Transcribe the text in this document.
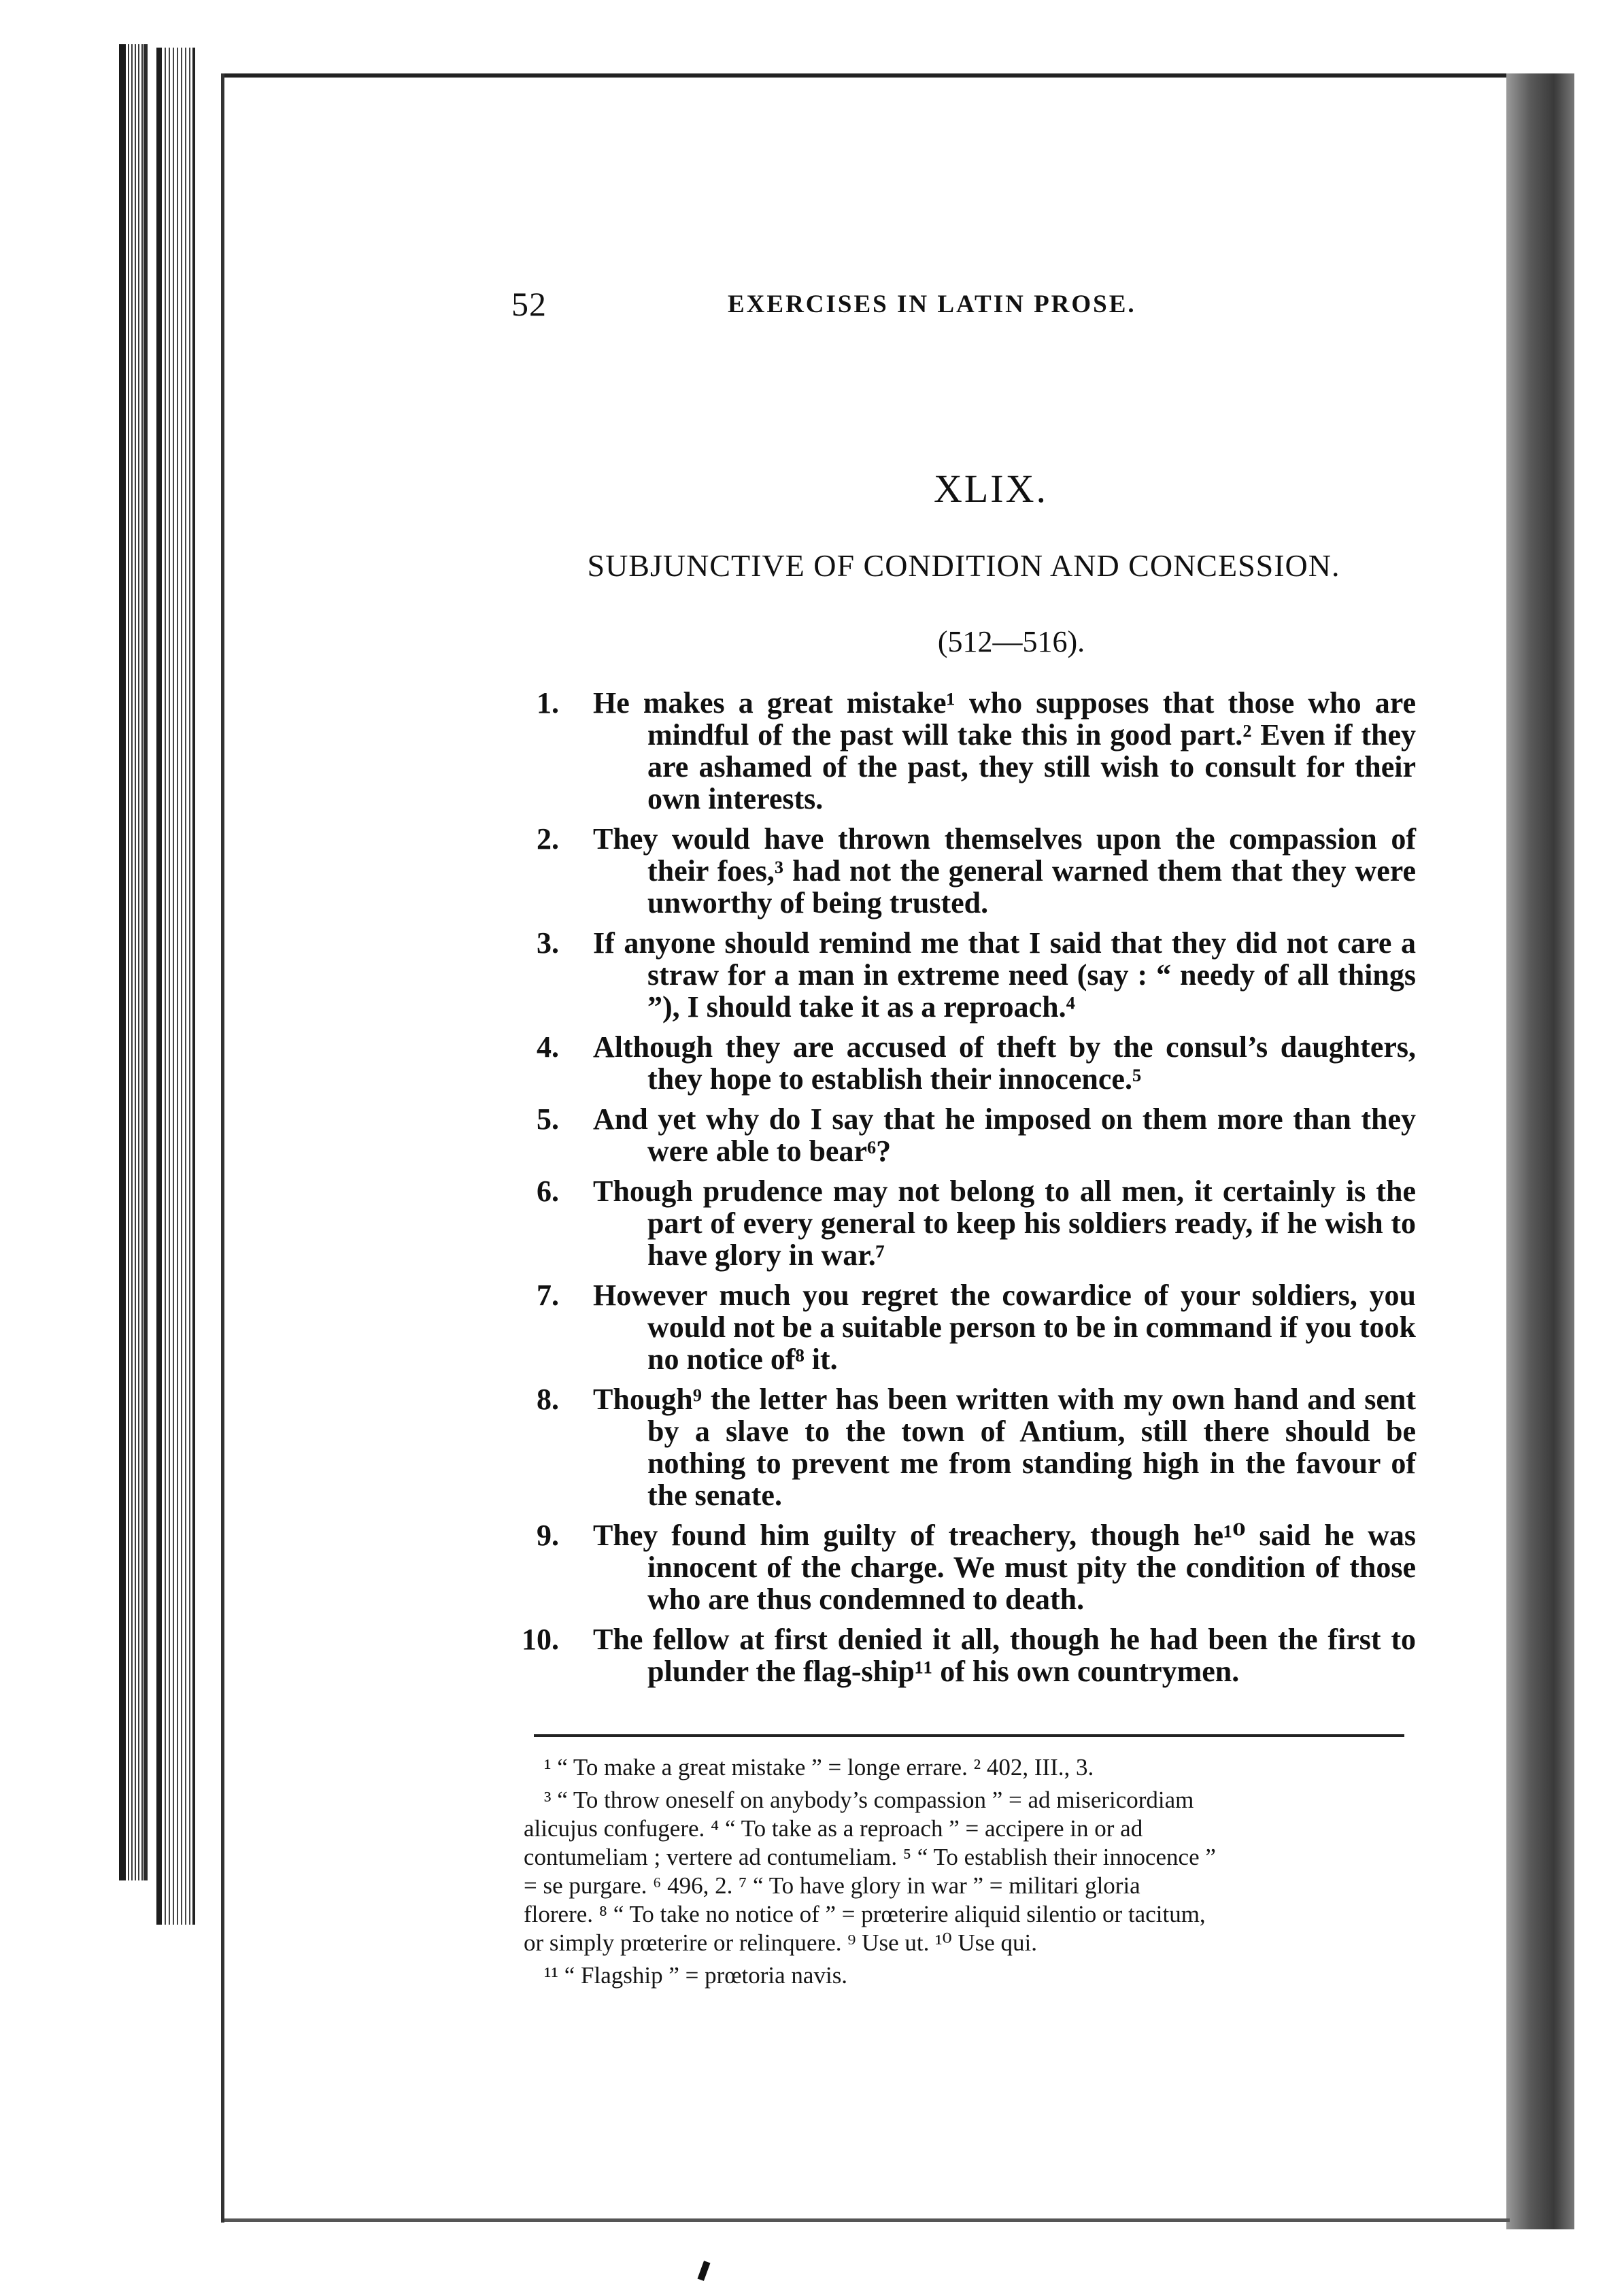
52	EXERCISES IN LATIN PROSE.
XLIX.
SUBJUNCTIVE OF CONDITION AND CONCESSION.
(512—516).
1. He makes a great mistake¹ who supposes that those who are mindful of the past will take this in good part.² Even if they are ashamed of the past, they still wish to consult for their own interests.
2. They would have thrown themselves upon the compassion of their foes,³ had not the general warned them that they were unworthy of being trusted.
3. If anyone should remind me that I said that they did not care a straw for a man in extreme need (say : “ needy of all things ”), I should take it as a reproach.⁴
4. Although they are accused of theft by the consul’s daughters, they hope to establish their innocence.⁵
5. And yet why do I say that he imposed on them more than they were able to bear⁶?
6. Though prudence may not belong to all men, it certainly is the part of every general to keep his soldiers ready, if he wish to have glory in war.⁷
7. However much you regret the cowardice of your soldiers, you would not be a suitable person to be in command if you took no notice of⁸ it.
8. Though⁹ the letter has been written with my own hand and sent by a slave to the town of Antium, still there should be nothing to prevent me from standing high in the favour of the senate.
9. They found him guilty of treachery, though he¹⁰ said he was innocent of the charge. We must pity the condition of those who are thus condemned to death.
10. The fellow at first denied it all, though he had been the first to plunder the flag-ship¹¹ of his own countrymen.
¹ “ To make a great mistake ” = longe errare. ² 402, III., 3.
³ “ To throw oneself on anybody’s compassion ” = ad misericordiam
alicujus confugere. ⁴ “ To take as a reproach ” = accipere in or ad
contumeliam ; vertere ad contumeliam. ⁵ “ To establish their innocence ”
= se purgare. ⁶ 496, 2. ⁷ “ To have glory in war ” = militari gloria
florere. ⁸ “ To take no notice of ” = prœterire aliquid silentio or tacitum,
or simply prœterire or relinquere. ⁹ Use ut. ¹⁰ Use qui.
¹¹ “ Flagship ” = prœtoria navis.
